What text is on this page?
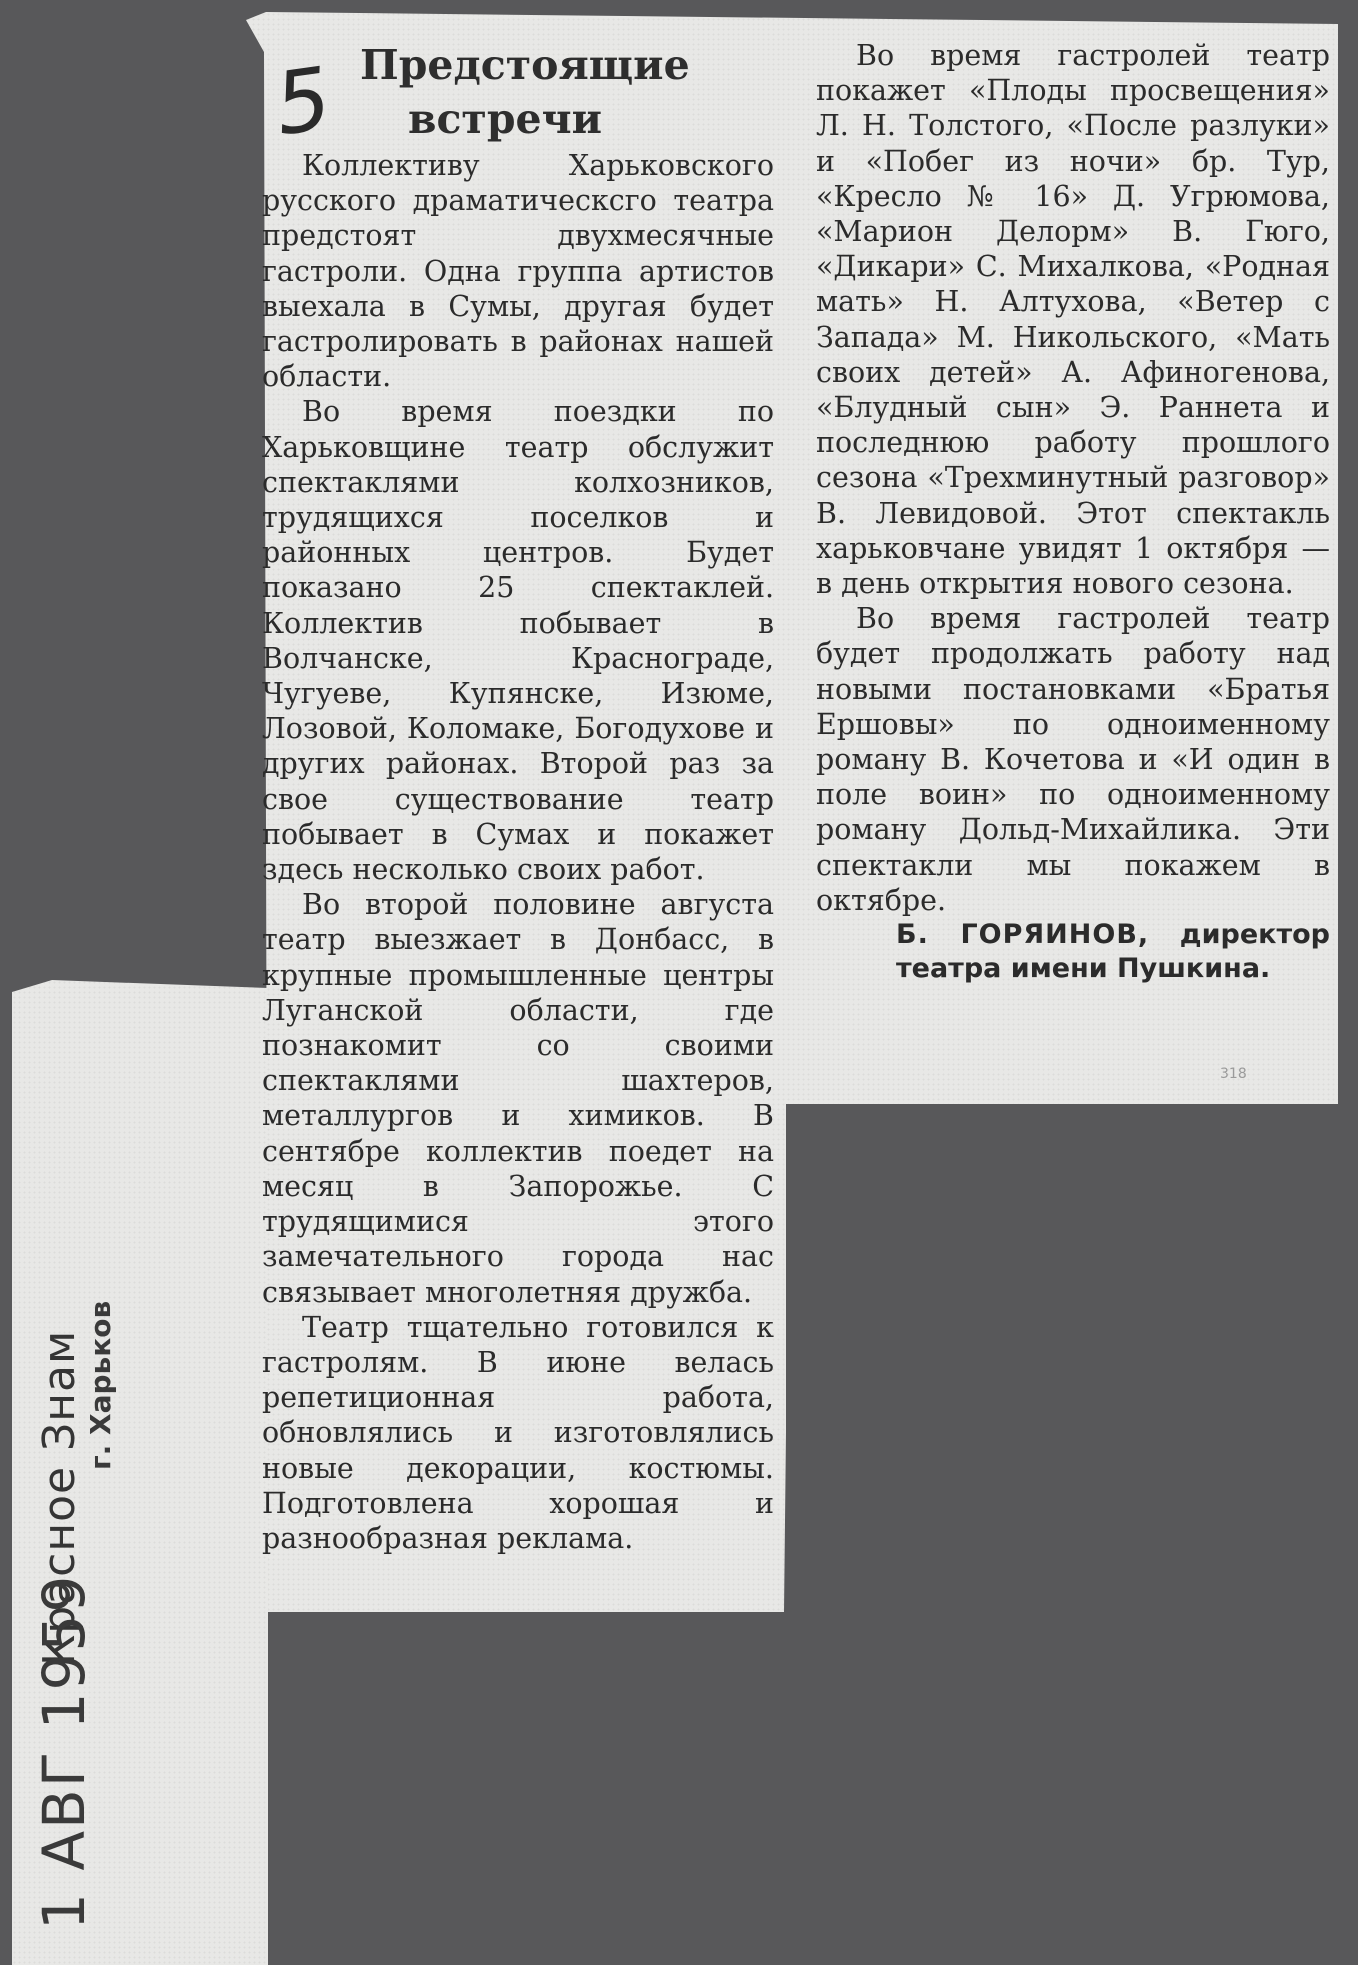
Красное Знам г. Харьков
1 АВГ 1959
5 Предстоящие встречи

Коллективу Харьковского русского драматическсго театра предстоят двухмесячные гастроли. Одна группа артистов выехала в Сумы, другая будет гастролировать в районах нашей области.

Во время поездки по Харьковщине театр обслужит спектаклями колхозников, трудящихся поселков и районных центров. Будет показано 25 спектаклей. Коллектив побывает в Волчанске, Краснограде, Чугуеве, Купянске, Изюме, Лозовой, Коломаке, Богодухове и других районах. Второй раз за свое существование театр побывает в Сумах и покажет здесь несколько своих работ.

Во второй половине августа театр выезжает в Донбасс, в крупные промышленные центры Луганской области, где познакомит со своими спектаклями шахтеров, металлургов и химиков. В сентябре коллектив поедет на месяц в Запорожье. С трудящимися этого замечательного города нас связывает многолетняя дружба.

Театр тщательно готовился к гастролям. В июне велась репетиционная работа, обновлялись и изготовлялись новые декорации, костюмы. Подготовлена хорошая и разнообразная реклама.

Во время гастролей театр покажет «Плоды просвещения» Л. Н. Толстого, «После разлуки» и «Побег из ночи» бр. Тур, «Кресло № 16» Д. Угрюмова, «Марион Делорм» В. Гюго, «Дикари» С. Михалкова, «Родная мать» Н. Алтухова, «Ветер с Запада» М. Никольского, «Мать своих детей» А. Афиногенова, «Блудный сын» Э. Раннета и последнюю работу прошлого сезона «Трехминутный разговор» В. Левидовой. Этот спектакль харьковчане увидят 1 октября — в день открытия нового сезона.

Во время гастролей театр будет продолжать работу над новыми постановками «Братья Ершовы» по одноименному роману В. Кочетова и «И один в поле воин» по одноименному роману Дольд-Михайлика. Эти спектакли мы покажем в октябре.

Б. ГОРЯИНОВ, директор театра имени Пушкина.

318
